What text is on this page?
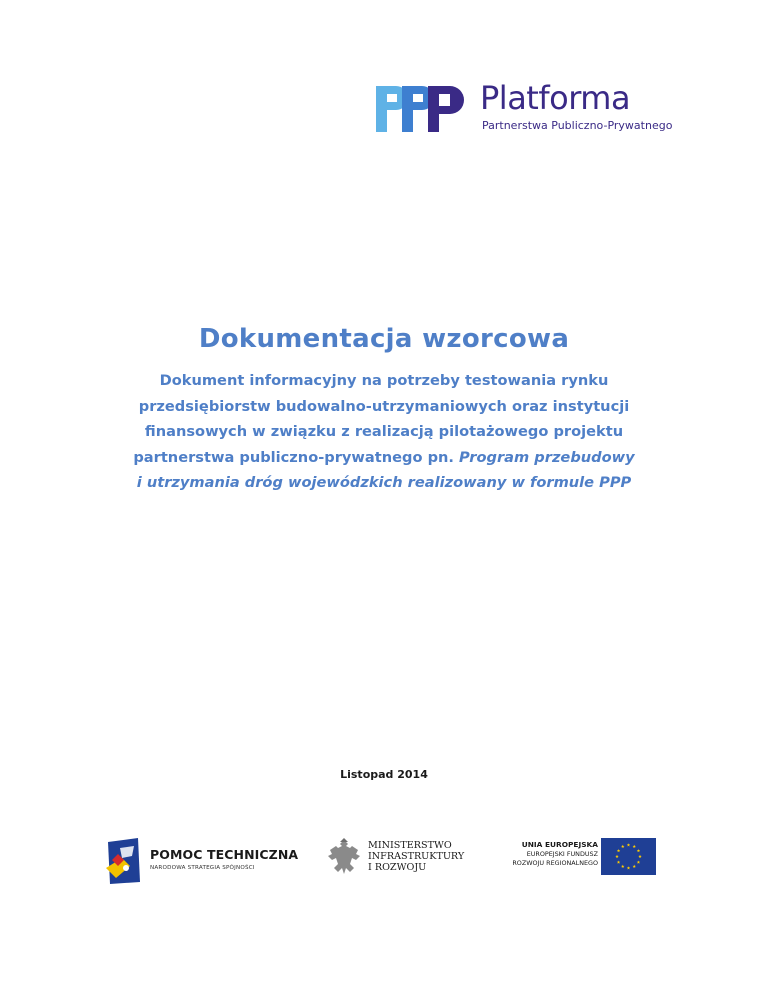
Platforma
Partnerstwa Publiczno-Prywatnego
Dokumentacja wzorcowa
Dokument informacyjny na potrzeby testowania rynku
przedsiębiorstw budowalno-utrzymaniowych oraz instytucji
finansowych w związku z realizacją pilotażowego projektu
partnerstwa publiczno-prywatnego pn. Program przebudowy
i utrzymania dróg wojewódzkich realizowany w formule PPP
Listopad 2014
POMOC TECHNICZNA
NARODOWA STRATEGIA SPÓJNOŚCI
MINISTERSTWO
INFRASTRUKTURY
I ROZWOJU
UNIA EUROPEJSKA
EUROPEJSKI FUNDUSZ
ROZWOJU REGIONALNEGO
